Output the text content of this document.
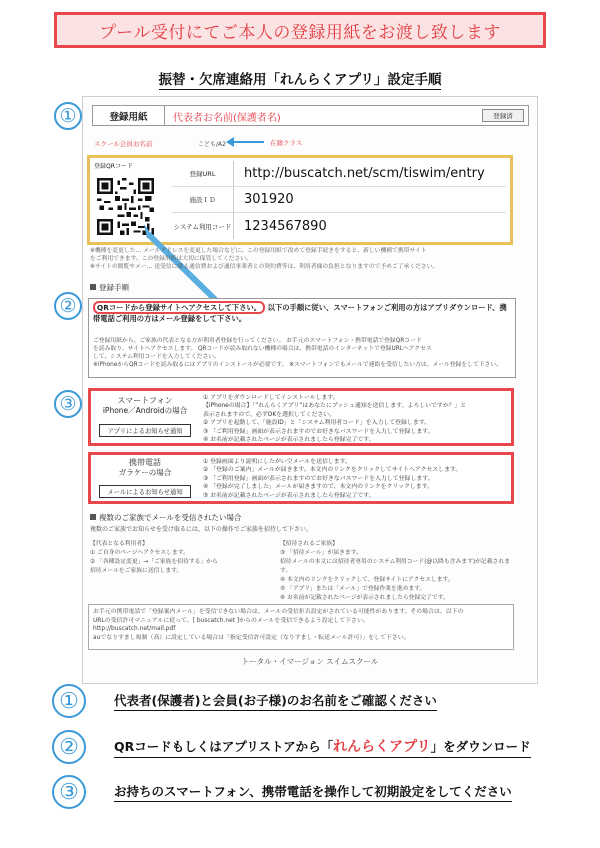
プール受付にてご本人の登録用紙をお渡し致します
振替・欠席連絡用「れんらくアプリ」設定手順
①
②
③
登録用紙	代表者お名前(保護者名)	登録済
スクール会員お名前	こども/A2	在籍クラス
登録QRコード
登録URL	http://buscatch.net/scm/tiswim/entry
施設ＩＤ	301920
システム利用コード 1234567890
※機種を変更した… メールアドレスを変更した場合などに、この登録用紙で改めて登録手続きをすると、新しい機種で携帯サイト
をご利用できます。この登録用紙は大切に保管してください。
※サイトの閲覧やメー… 送受信に係る通信費および通信事業者との契約費等は、利用者様の負担となりますので予めご了承ください。
登録手順
QRコードから登録サイトへアクセスして下さい。 以下の手順に従い、スマートフォンご利用の方はアプリダウンロード、携帯電話ご利用の方はメール登録をして下さい。
ご登録用紙から、ご家族の代表となる方が利用者登録を行ってください。 お手元のスマートフォン・携帯電話で登録QRコード
を読み取り、サイトへアクセスします。 QRコードが読み取れない機種の場合は、携帯電話のインターネットで登録URLへアクセス
して、システム利用コードを入力してください。
※iPhoneからQRコードを読み取るにはアプリのインストールが必要です。 ※スマートフォンでもメールで連絡を受信したい方は、メール登録をして下さい。
スマートフォン
iPhone／Androidの場合
アプリによるお知らせ通知
① アプリをダウンロードしてインストールします。
【iPhoneの場合】「”れんらくアプリ”はあなたにプッシュ通知を送信します。よろしいですか？」と
表示されますので、必ずOKを選択してください。
② アプリを起動して、「施設ID」と「システム利用者コード」を入力して登録します。
③ 「ご利用登録」画面が表示されますのでお好きなパスワードを入力して登録します。
④ お名前が記載されたページが表示されましたら登録完了です。
携帯電話
ガラケーの場合
メールによるお知らせ通知
① 登録画面より説明にしたがい空メールを送信します。
② 「登録のご案内」メールが届きます。本文内のリンクをクリックしてサイトへアクセスします。
③ 「ご利用登録」画面が表示されますのでお好きなパスワードを入力して登録します。
④ 「登録が完了しました」メールが届きますので、本文内のリンクをクリックします。
⑤ お名前が記載されたページが表示されましたら登録完了です。
複数のご家族でメールを受信されたい場合
複数のご家族でお知らせを受け取るには、以下の操作でご家族を招待して下さい。
【代表となる利用者】
① ご自身のページへアクセスします。
② 「各種設定変更」→「ご家族を招待する」から
招待メールをご家族に送信します。
【招待されるご家族】
③ 「招待メール」が届きます。
招待メールの本文には招待者専用のシステム利用コード(@以降も含みます)が記載されます。
④ 本文内のリンクをクリックして、登録サイトにアクセスします。
⑤ 「アプリ」または「メール」で登録作業を進めます。
⑥ お名前が記載されたページが表示されましたら登録完了です。
お手元の携帯電話で「登録案内メール」を受信できない場合は、メールの受信拒否設定がされている可能性があります。その場合は、以下の
URLの受信許可マニュアルに従って、[ buscatch.net ]からのメールを受信できるよう設定して下さい。
http://buscatch.net/mail.pdf
auでなりすまし規制（高）に設定している場合は「指定受信許可設定（なりすまし・転送メール許可）」をして下さい。
トータル・イマージョン スイムスクール
①	代表者(保護者)と会員(お子様)のお名前をご確認ください
②	QRコードもしくはアプリストアから「れんらくアプリ」をダウンロード
③	お持ちのスマートフォン、携帯電話を操作して初期設定をしてください
